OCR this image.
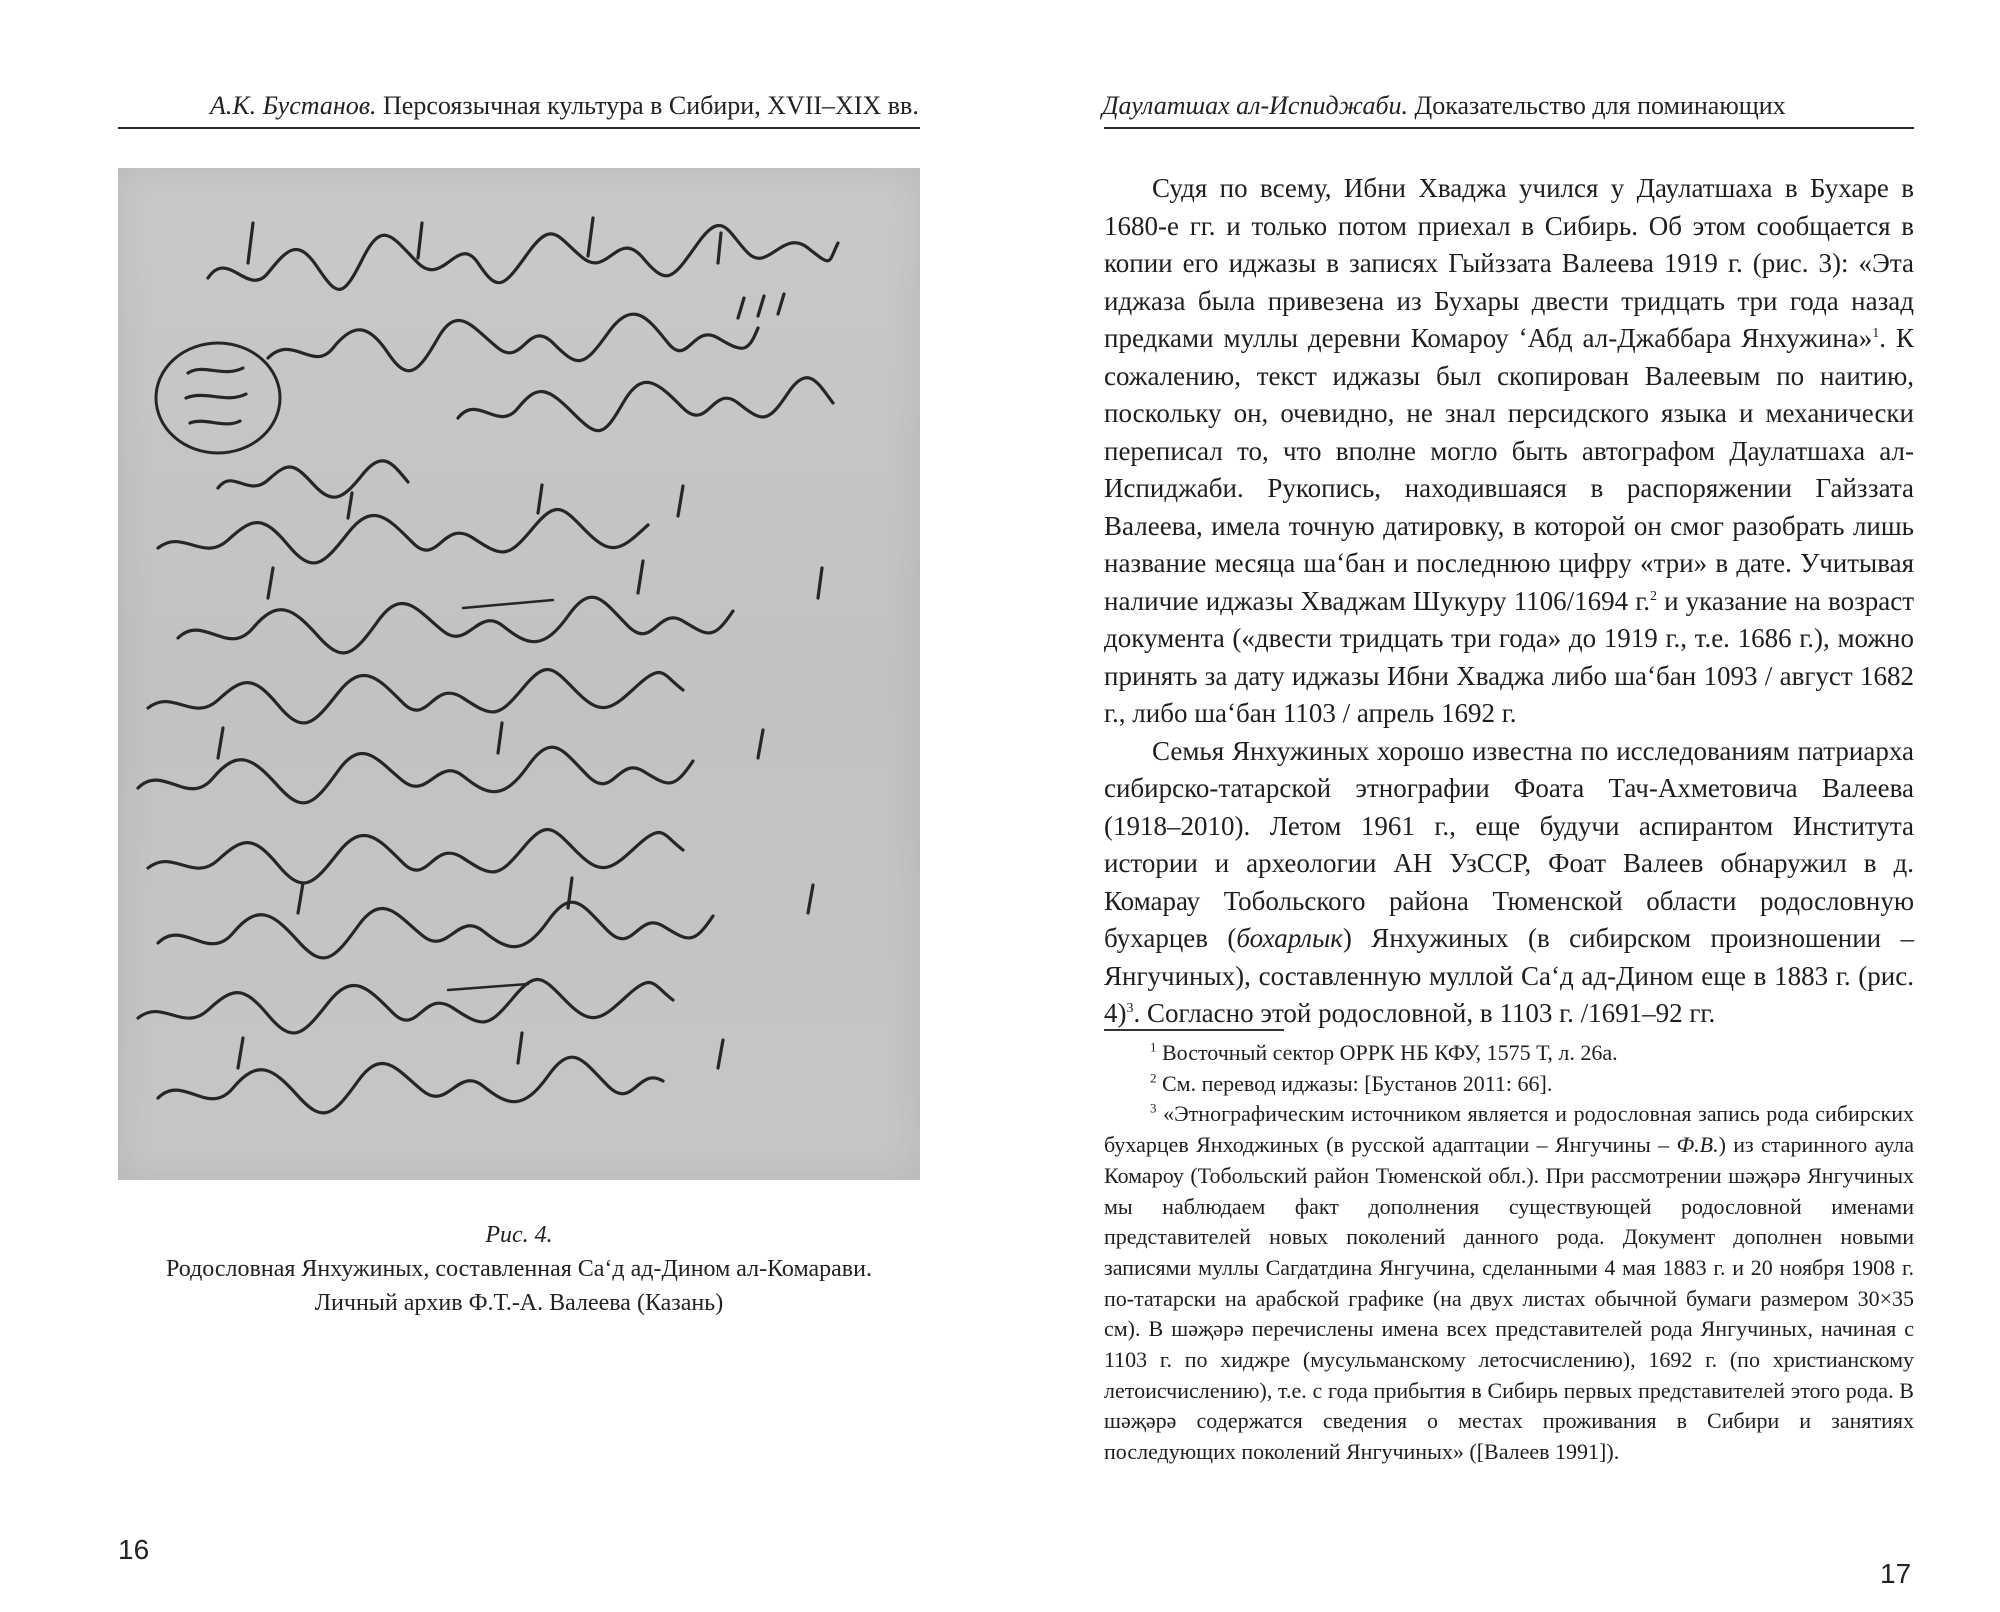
А.К. Бустанов. Персоязычная культура в Сибири, XVII–XIX вв.
Рис. 4.
Родословная Янхужиных, составленная Са‘д ад-Дином ал-Комарави.
Личный архив Ф.Т.-А. Валеева (Казань)
16
Даулатшах ал-Испиджаби. Доказательство для поминающих

Судя по всему, Ибни Хваджа учился у Даулатшаха в Бухаре в 1680-е гг. и только потом приехал в Сибирь. Об этом сообщается в копии его иджазы в записях Гыйззата Валеева 1919 г. (рис. 3): «Эта иджаза была привезена из Бухары двести тридцать три года назад предками муллы деревни Комароу ‘Абд ал-Джаббара Янхужина»$^1$. К сожалению, текст иджазы был скопирован Валеевым по наитию, поскольку он, очевидно, не знал персидского языка и механически переписал то, что вполне могло быть автографом Даулатшаха ал-Испиджаби. Рукопись, находившаяся в распоряжении Гайззата Валеева, имела точную датировку, в которой он смог разобрать лишь название месяца ша‘бан и последнюю цифру «три» в дате. Учитывая наличие иджазы Хваджам Шукуру 1106/1694 г.$^2$ и указание на возраст документа («двести тридцать три года» до 1919 г., т.е. 1686 г.), можно принять за дату иджазы Ибни Хваджа либо ша‘бан 1093 / август 1682 г., либо ша‘бан 1103 / апрель 1692 г.

Семья Янхужиных хорошо известна по исследованиям патриарха сибирско-татарской этнографии Фоата Тач-Ахметовича Валеева (1918–2010). Летом 1961 г., еще будучи аспирантом Института истории и археологии АН УзССР, Фоат Валеев обнаружил в д. Комарау Тобольского района Тюменской области родословную бухарцев (бохарлык) Янхужиных (в сибирском произношении – Янгучиных), составленную муллой Са‘д ад-Дином еще в 1883 г. (рис. 4)$^3$. Согласно этой родословной, в 1103 г. /1691–92 гг.

$^1$ Восточный сектор ОРРК НБ КФУ, 1575 Т, л. 26а.

$^2$ См. перевод иджазы: [Бустанов 2011: 66].

$^3$ «Этнографическим источником является и родословная запись рода сибирских бухарцев Янходжиных (в русской адаптации – Янгучины – Ф.В.) из старинного аула Комароу (Тобольский район Тюменской обл.). При рассмотрении шәҗәрә Янгучиных мы наблюдаем факт дополнения существующей родословной именами представителей новых поколений данного рода. Документ дополнен новыми записями муллы Сагдатдина Янгучина, сделанными 4 мая 1883 г. и 20 ноября 1908 г. по-татарски на арабской графике (на двух листах обычной бумаги размером 30×35 см). В шәҗәрә перечислены имена всех представителей рода Янгучиных, начиная с 1103 г. по хиджре (мусульманскому летосчислению), 1692 г. (по христианскому летоисчислению), т.е. с года прибытия в Сибирь первых представителей этого рода. В шәҗәрә содержатся сведения о местах проживания в Сибири и занятиях последующих поколений Янгучиных» ([Валеев 1991]).

17
